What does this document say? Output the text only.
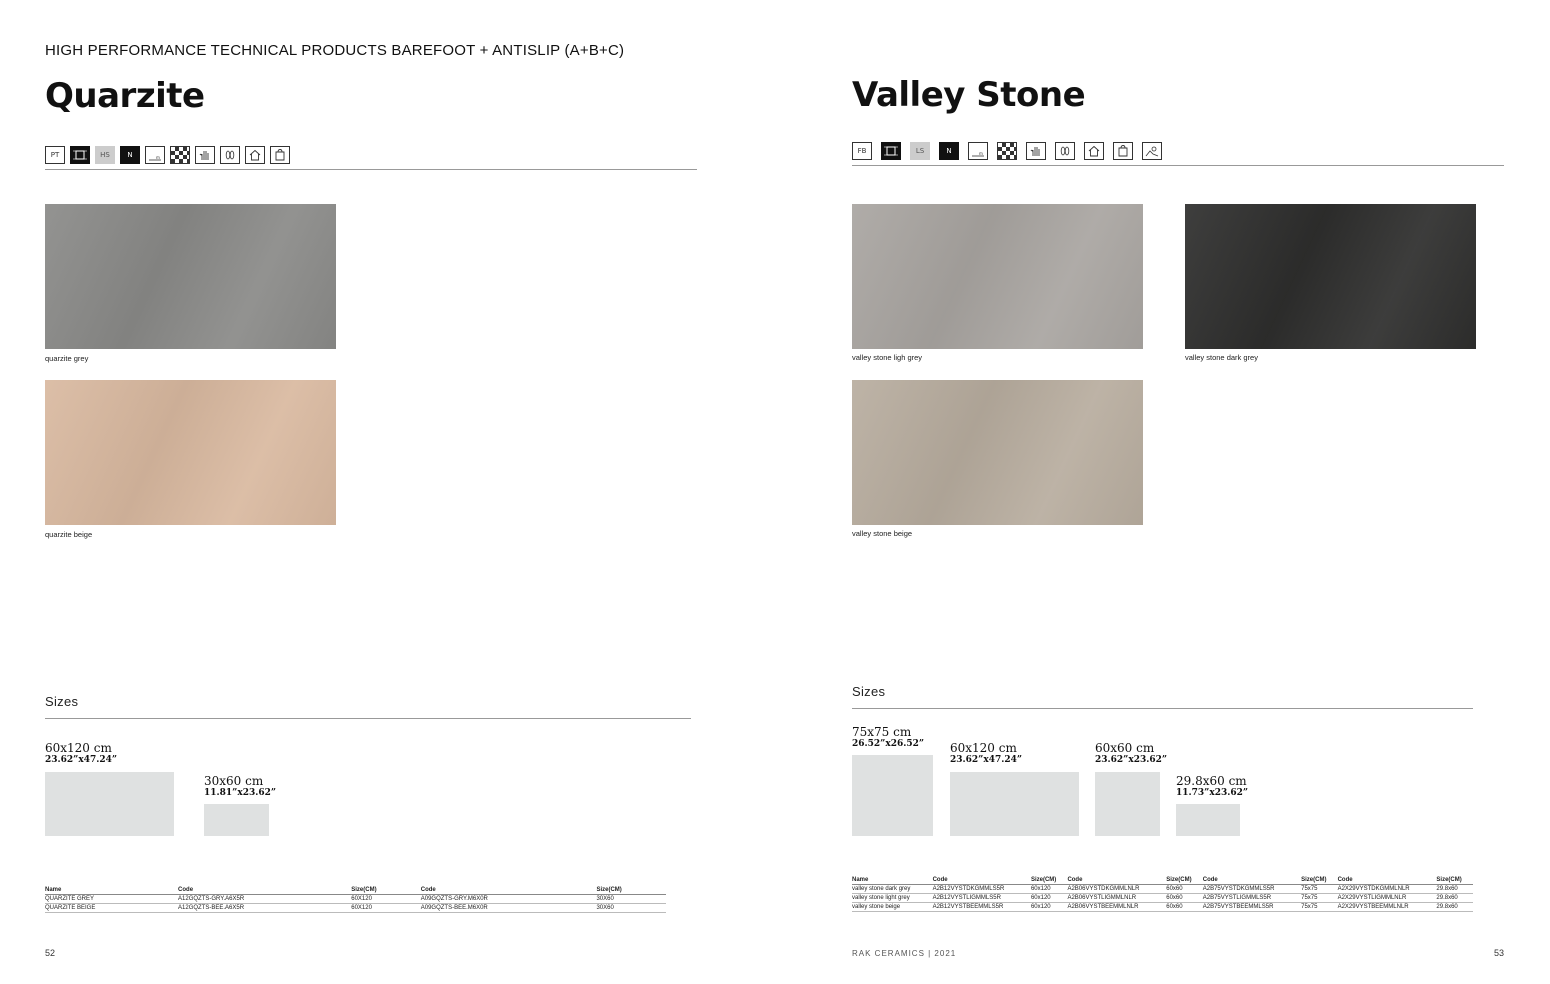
HIGH PERFORMANCE TECHNICAL PRODUCTS BAREFOOT + ANTISLIP (A+B+C)
Quarzite
PT	HS	N	m
quarzite grey
quarzite beige
Sizes
60x120 cm
23.62”x47.24”
30x60 cm
11.81”x23.62”
Name	Code	Size(CM)	Code	Size(CM)
QUARZITE GREY	A12GQZTS-GRY.A6X5R	60X120	A09GQZTS-GRY.M6X0R	30X60
QUARZITE BEIGE	A12GQZTS-BEE.A6X5R	60X120	A09GQZTS-BEE.M6X0R	30X60
52
Valley Stone
FB	LS	N	m
valley stone ligh grey	valley stone dark grey
valley stone beige
Sizes
75x75 cm
26.52”x26.52” 60x120 cm
23.62”x47.24”
60x60 cm
23.62”x23.62”
29.8x60 cm
11.73”x23.62”
Name	Code	Size(CM)	Code	Size(CM)	Code	Size(CM)	Code	Size(CM)
valley stone dark grey	A2B12VYSTDKGMMLS5R	60x120	A2B06VYSTDKGMMLNLR	60x60	A2B75VYSTDKGMMLS5R	75x75	A2X29VYSTDKGMMLNLR	29.8x60
valley stone light grey	A2B12VYSTLIGMMLS5R	60x120	A2B06VYSTLIGMMLNLR	60x60	A2B75VYSTLIGMMLS5R	75x75	A2X29VYSTLIGMMLNLR	29.8x60
valley stone beige	A2B12VYSTBEEMMLS5R	60x120	A2B06VYSTBEEMMLNLR	60x60	A2B75VYSTBEEMMLS5R	75x75	A2X29VYSTBEEMMLNLR	29.8x60
RAK CERAMICS | 2021	53
